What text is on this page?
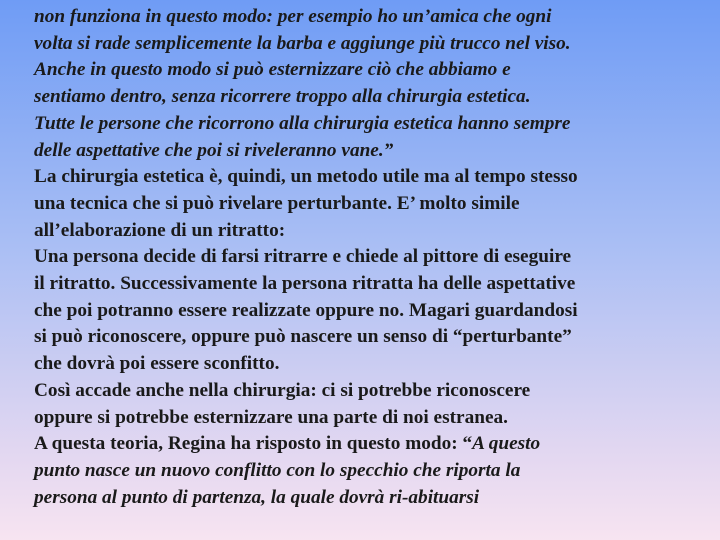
non funziona in questo modo: per esempio ho un’amica che ogni
volta si rade semplicemente la barba e aggiunge più trucco nel viso.
Anche in questo modo si può esternizzare ciò che abbiamo e
sentiamo dentro, senza ricorrere troppo alla chirurgia estetica.
Tutte le persone che ricorrono alla chirurgia estetica hanno sempre
delle aspettative che poi si riveleranno vane.”
La chirurgia estetica è, quindi, un metodo utile ma al tempo stesso
una tecnica che si può rivelare perturbante. E’ molto simile
all’elaborazione di un ritratto:
Una persona decide di farsi ritrarre e chiede al pittore di eseguire
il ritratto. Successivamente la persona ritratta ha delle aspettative
che poi potranno essere realizzate oppure no. Magari guardandosi
si può riconoscere, oppure può nascere un senso di “perturbante”
che dovrà poi essere sconfitto.
Così accade anche nella chirurgia: ci si potrebbe riconoscere
oppure si potrebbe esternizzare una parte di noi estranea.
A questa teoria, Regina ha risposto in questo modo: “A questo
punto nasce un nuovo conflitto con lo specchio che riporta la
persona al punto di partenza, la quale dovrà ri-abituarsi
